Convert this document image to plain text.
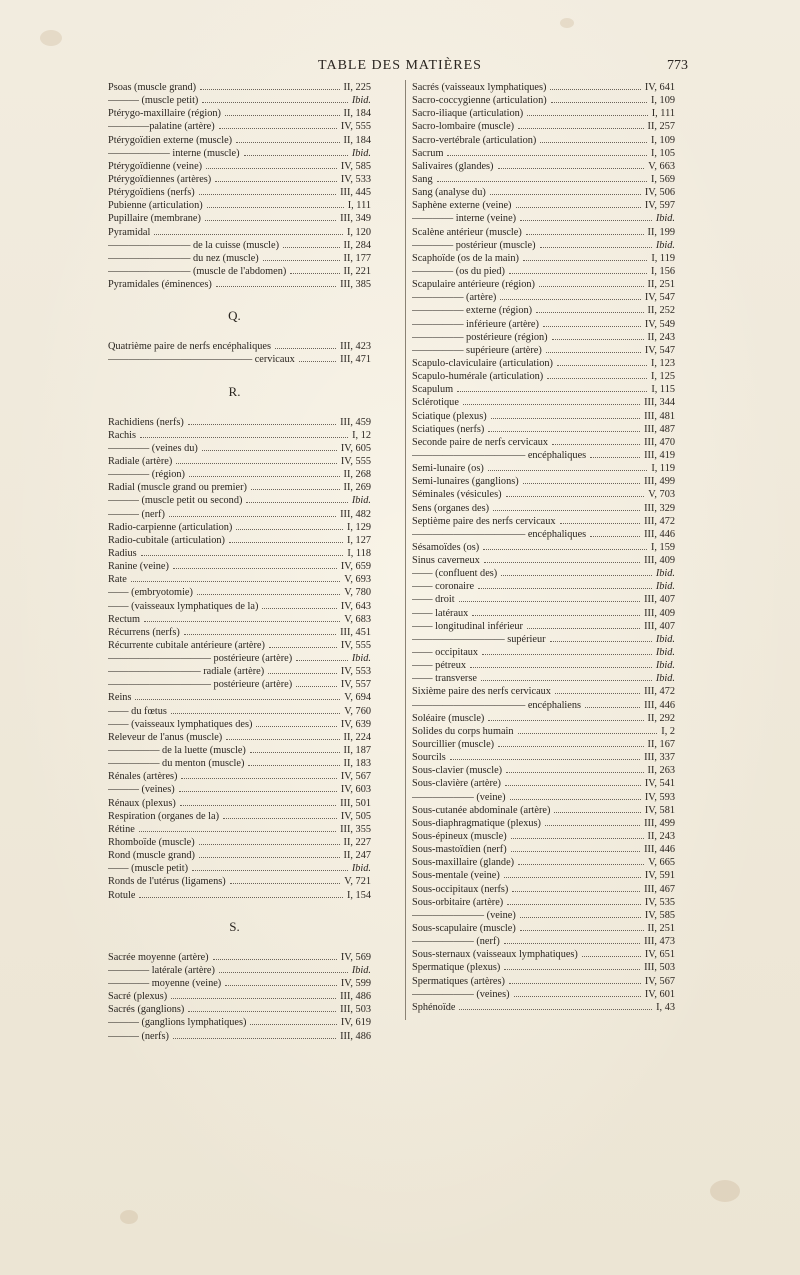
TABLE DES MATIÈRES	773
Psoas (muscle grand)	II, 225
——— (muscle petit)	Ibid.
Ptérygo-maxillaire (région)	II, 184
————palatine (artère)	IV, 555
Ptérygoïdien externe (muscle)	II, 184
—————— interne (muscle)	Ibid.
Ptérygoïdienne (veine)	IV, 585
Ptérygoïdiennes (artères)	IV, 533
Ptérygoïdiens (nerfs)	III, 445
Pubienne (articulation)	I, 111
Pupillaire (membrane)	III, 349
Pyramidal	I, 120
———————— de la cuisse (muscle)	II, 284
———————— du nez (muscle)	II, 177
———————— (muscle de l'abdomen)	II, 221
Pyramidales (éminences)	III, 385
Q.
Quatrième paire de nerfs encéphaliques	III, 423
—————————————— cervicaux	III, 471
R.
Rachidiens (nerfs)	III, 459
Rachis	I, 12
———— (veines du)	IV, 605
Radiale (artère)	IV, 555
———— (région)	II, 268
Radial (muscle grand ou premier)	II, 269
——— (muscle petit ou second)	Ibid.
——— (nerf)	III, 482
Radio-carpienne (articulation)	I, 129
Radio-cubitale (articulation)	I, 127
Radius	I, 118
Ranine (veine)	IV, 659
Rate	V, 693
—— (embryotomie)	V, 780
—— (vaisseaux lymphatiques de la)	IV, 643
Rectum	V, 683
Récurrens (nerfs)	III, 451
Récurrente cubitale antérieure (artère)	IV, 555
—————————— postérieure (artère)	Ibid.
————————— radiale (artère)	IV, 553
—————————— postérieure (artère)	IV, 557
Reins	V, 694
—— du fœtus	V, 760
—— (vaisseaux lymphatiques des)	IV, 639
Releveur de l'anus (muscle)	II, 224
————— de la luette (muscle)	II, 187
————— du menton (muscle)	II, 183
Rénales (artères)	IV, 567
——— (veines)	IV, 603
Rénaux (plexus)	III, 501
Respiration (organes de la)	IV, 505
Rétine	III, 355
Rhomboïde (muscle)	II, 227
Rond (muscle grand)	II, 247
—— (muscle petit)	Ibid.
Ronds de l'utérus (ligamens)	V, 721
Rotule	I, 154
S.
Sacrée moyenne (artère)	IV, 569
———— latérale (artère)	Ibid.
———— moyenne (veine)	IV, 599
Sacré (plexus)	III, 486
Sacrés (ganglions)	III, 503
——— (ganglions lymphatiques)	IV, 619
——— (nerfs)	III, 486
Sacrés (vaisseaux lymphatiques)	IV, 641
Sacro-coccygienne (articulation)	I, 109
Sacro-iliaque (articulation)	I, 111
Sacro-lombaire (muscle)	II, 257
Sacro-vertébrale (articulation)	I, 109
Sacrum	I, 105
Salivaires (glandes)	V, 663
Sang	I, 569
Sang (analyse du)	IV, 506
Saphène externe (veine)	IV, 597
———— interne (veine)	Ibid.
Scalène antérieur (muscle)	II, 199
———— postérieur (muscle)	Ibid.
Scaphoïde (os de la main)	I, 119
———— (os du pied)	I, 156
Scapulaire antérieure (région)	II, 251
————— (artère)	IV, 547
————— externe (région)	II, 252
————— inférieure (artère)	IV, 549
————— postérieure (région)	II, 243
————— supérieure (artère)	IV, 547
Scapulo-claviculaire (articulation)	I, 123
Scapulo-humérale (articulation)	I, 125
Scapulum	I, 115
Sclérotique	III, 344
Sciatique (plexus)	III, 481
Sciatiques (nerfs)	III, 487
Seconde paire de nerfs cervicaux	III, 470
——————————— encéphaliques	III, 419
Semi-lunaire (os)	I, 119
Semi-lunaires (ganglions)	III, 499
Séminales (vésicules)	V, 703
Sens (organes des)	III, 329
Septième paire des nerfs cervicaux	III, 472
——————————— encéphaliques	III, 446
Sésamoïdes (os)	I, 159
Sinus caverneux	III, 409
—— (confluent des)	Ibid.
—— coronaire	Ibid.
—— droit	III, 407
—— latéraux	III, 409
—— longitudinal inférieur	III, 407
————————— supérieur	Ibid.
—— occipitaux	Ibid.
—— pétreux	Ibid.
—— transverse	Ibid.
Sixième paire des nerfs cervicaux	III, 472
——————————— encéphaliens	III, 446
Soléaire (muscle)	II, 292
Solides du corps humain	I, 2
Sourcillier (muscle)	II, 167
Sourcils	III, 337
Sous-clavier (muscle)	II, 263
Sous-clavière (artère)	IV, 541
—————— (veine)	IV, 593
Sous-cutanée abdominale (artère)	IV, 581
Sous-diaphragmatique (plexus)	III, 499
Sous-épineux (muscle)	II, 243
Sous-mastoïdien (nerf)	III, 446
Sous-maxillaire (glande)	V, 665
Sous-mentale (veine)	IV, 591
Sous-occipitaux (nerfs)	III, 467
Sous-orbitaire (artère)	IV, 535
——————— (veine)	IV, 585
Sous-scapulaire (muscle)	II, 251
—————— (nerf)	III, 473
Sous-sternaux (vaisseaux lymphatiques)	IV, 651
Spermatique (plexus)	III, 503
Spermatiques (artères)	IV, 567
—————— (veines)	IV, 601
Sphénoïde	I, 43
